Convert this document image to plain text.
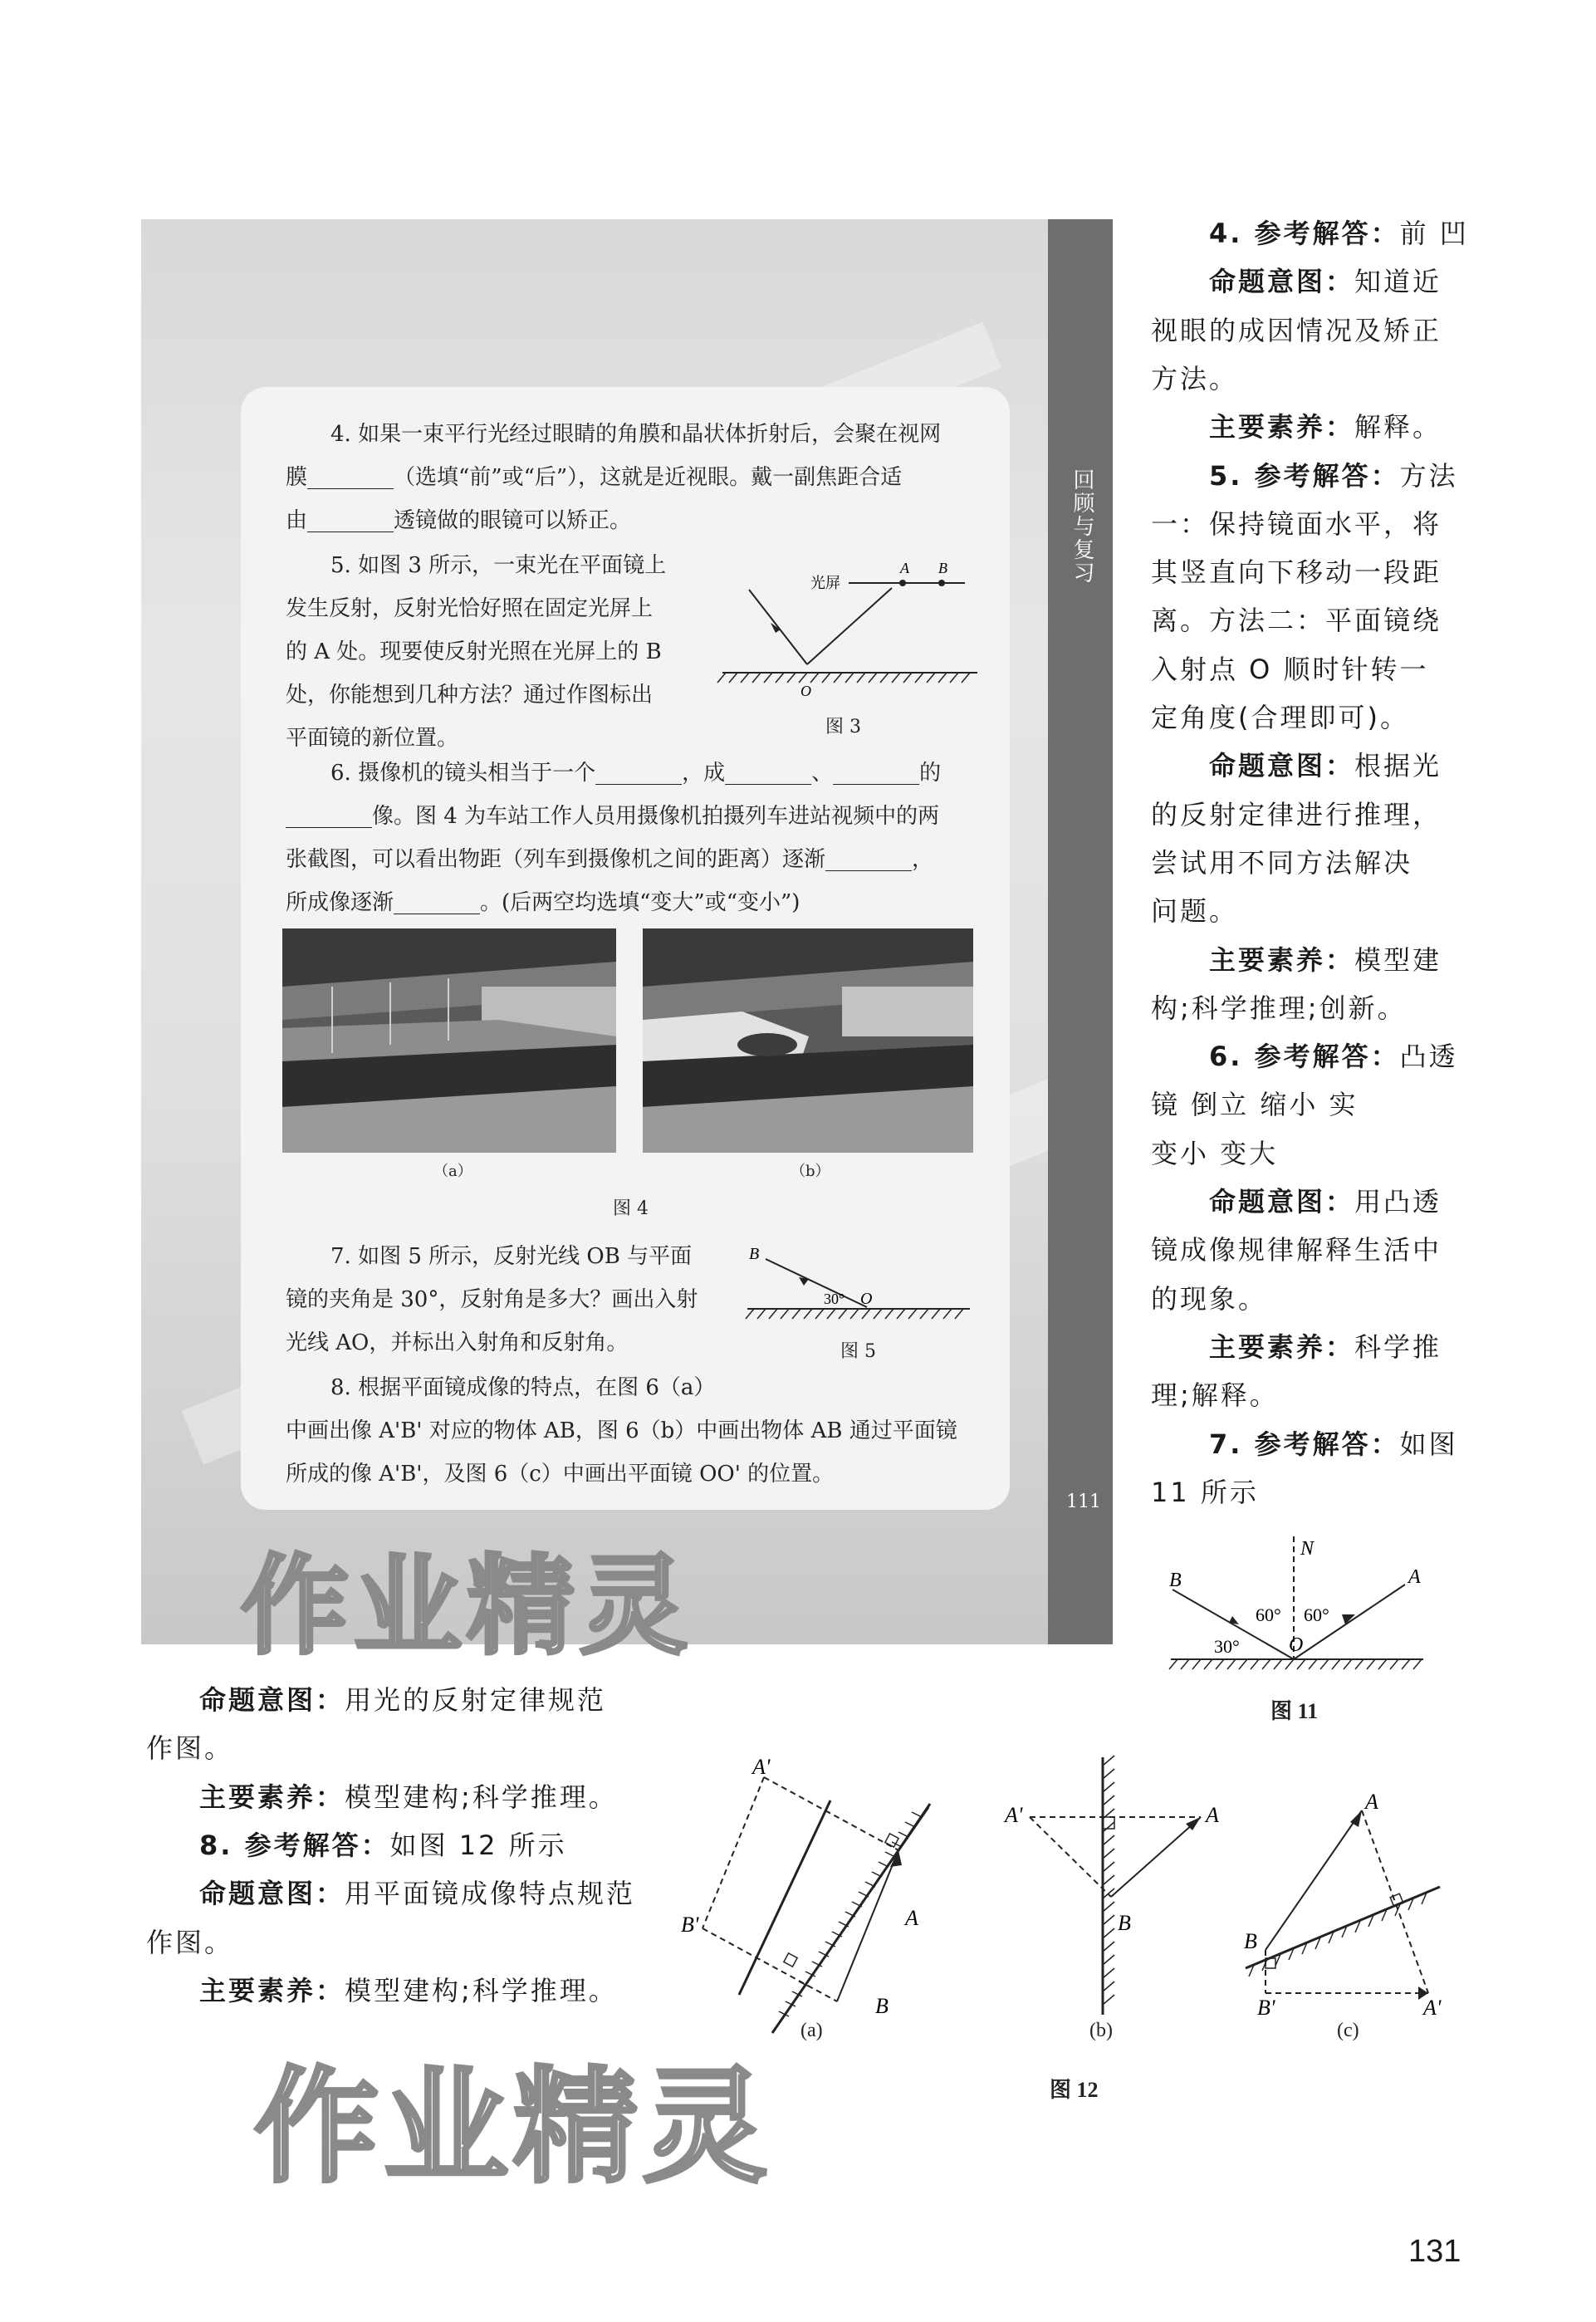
回顾与复习
111
4. 如果一束平行光经过眼睛的角膜和晶状体折射后，会聚在视网
膜________（选填“前”或“后”），这就是近视眼。戴一副焦距合适
由________透镜做的眼镜可以矫正。
5. 如图 3 所示，一束光在平面镜上
发生反射，反射光恰好照在固定光屏上
的 A 处。现要使反射光照在光屏上的 B
处，你能想到几种方法？通过作图标出
平面镜的新位置。
光屏
A B
O
图 3
6. 摄像机的镜头相当于一个________，成________、________的
________像。图 4 为车站工作人员用摄像机拍摄列车进站视频中的两
张截图，可以看出物距（列车到摄像机之间的距离）逐渐________，
所成像逐渐________。(后两空均选填“变大”或“变小”)
（a）	（b）
图 4
7. 如图 5 所示，反射光线 OB 与平面
镜的夹角是 30°，反射角是多大？画出入射
光线 AO，并标出入射角和反射角。
B
30° O
图 5
8. 根据平面镜成像的特点，在图 6（a）
中画出像 A'B' 对应的物体 AB，图 6（b）中画出物体 AB 通过平面镜
所成的像 A'B'，及图 6（c）中画出平面镜 OO' 的位置。
作业精灵
4. 参考解答：前 凹
命题意图：知道近
视眼的成因情况及矫正
方法。
主要素养：解释。
5. 参考解答：方法
一：保持镜面水平，将
其竖直向下移动一段距
离。方法二：平面镜绕
入射点 O 顺时针转一
定角度(合理即可)。
命题意图：根据光
的反射定律进行推理，
尝试用不同方法解决
问题。
主要素养：模型建
构;科学推理;创新。
6. 参考解答：凸透
镜 倒立 缩小 实
变小 变大
命题意图：用凸透
镜成像规律解释生活中
的现象。
主要素养：科学推
理;解释。
7. 参考解答：如图
11 所示
N
A
B
O
60° 60°
30°
图 11
命题意图：用光的反射定律规范
作图。
主要素养：模型建构;科学推理。
8. 参考解答：如图 12 所示
命题意图：用平面镜成像特点规范
作图。
主要素养：模型建构;科学推理。
A'
B'	A
B
(a)
A'	A
B
(b)
A
B
B'	A'
(c)
图 12
作业精灵
131
